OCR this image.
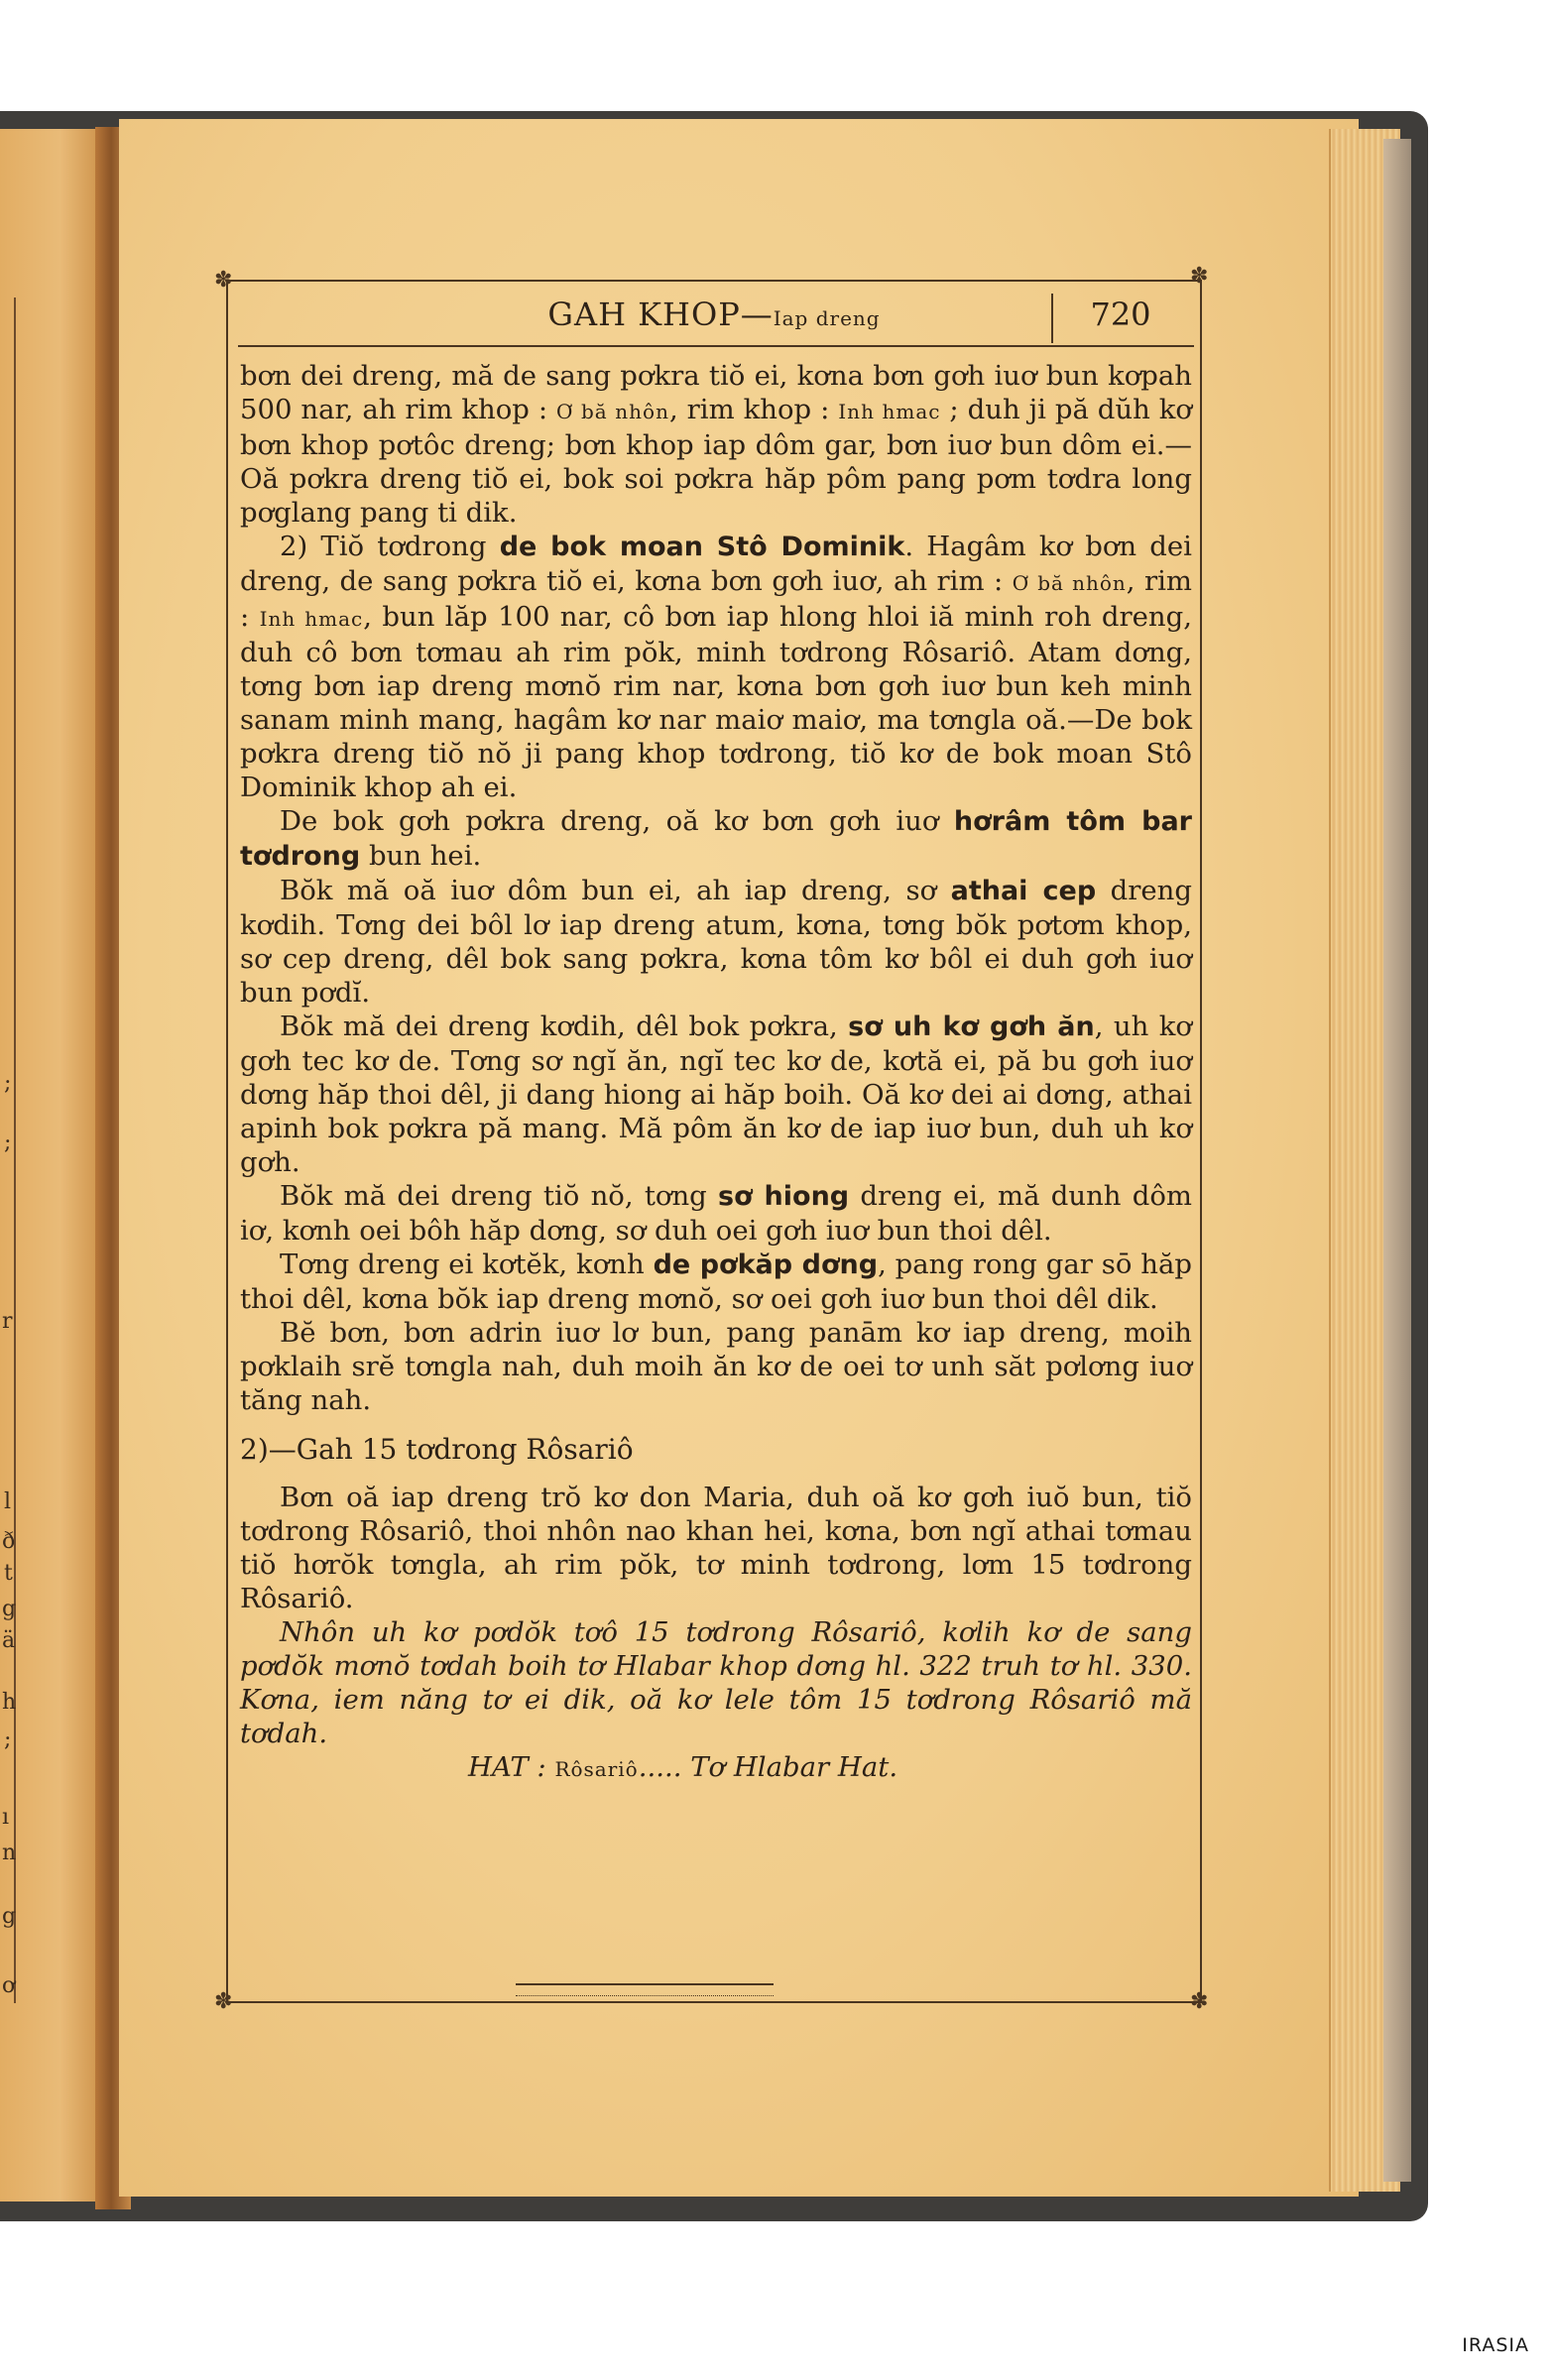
;
;
r
l
ð
t
g
ä
h
;
ı
n
g
ơ
✽	✽
✽	✽
GAH KHOP—Iap dreng	720

bơn dei dreng, mă de sang pơkra tiŏ ei, kơna bơn gơh iuơ bun kơpah 500 nar, ah rim khop : Ơ bă nhôn, rim khop : Inh hmac ; duh ji pă dŭh kơ bơn khop pơtôc dreng; bơn khop iap dôm gar, bơn iuơ bun dôm ei.—Oă pơkra dreng tiŏ ei, bok soi pơkra hăp pôm pang pơm tơdra long pơglang pang ti dik.

2) Tiŏ tơdrong de bok moan Stô Dominik. Hagâm kơ bơn dei dreng, de sang pơkra tiŏ ei, kơna bơn gơh iuơ, ah rim : Ơ bă nhôn, rim : Inh hmac, bun lăp 100 nar, cô bơn iap hlong hloi iă minh roh dreng, duh cô bơn tơmau ah rim pŏk, minh tơdrong Rôsariô. Atam dơng, tơng bơn iap dreng mơnŏ rim nar, kơna bơn gơh iuơ bun keh minh sanam minh mang, hagâm kơ nar maiơ maiơ, ma tơngla oă.—De bok pơkra dreng tiŏ nŏ ji pang khop tơdrong, tiŏ kơ de bok moan Stô Dominik khop ah ei.

De bok gơh pơkra dreng, oă kơ bơn gơh iuơ hơrâm tôm bar tơdrong bun hei.

Bŏk mă oă iuơ dôm bun ei, ah iap dreng, sơ athai cep dreng kơdih. Tơng dei bôl lơ iap dreng atum, kơna, tơng bŏk pơtơm khop, sơ cep dreng, dêl bok sang pơkra, kơna tôm kơ bôl ei duh gơh iuơ bun pơdĭ.

Bŏk mă dei dreng kơdih, dêl bok pơkra, sơ uh kơ gơh ăn, uh kơ gơh tec kơ de. Tơng sơ ngĭ ăn, ngĭ tec kơ de, kơtă ei, pă bu gơh iuơ dơng hăp thoi dêl, ji dang hiong ai hăp boih. Oă kơ dei ai dơng, athai apinh bok pơkra pă mang. Mă pôm ăn kơ de iap iuơ bun, duh uh kơ gơh.

Bŏk mă dei dreng tiŏ nŏ, tơng sơ hiong dreng ei, mă dunh dôm iơ, kơnh oei bôh hăp dơng, sơ duh oei gơh iuơ bun thoi dêl.

Tơng dreng ei kơtĕk, kơnh de pơkăp dơng, pang rong gar sō hăp thoi dêl, kơna bŏk iap dreng mơnŏ, sơ oei gơh iuơ bun thoi dêl dik.

Bĕ bơn, bơn adrin iuơ lơ bun, pang panām kơ iap dreng, moih pơklaih srĕ tơngla nah, duh moih ăn kơ de oei tơ unh săt pơlơng iuơ tăng nah.

2)—Gah 15 tơdrong Rôsariô

Bơn oă iap dreng trŏ kơ don Maria, duh oă kơ gơh iuŏ bun, tiŏ tơdrong Rôsariô, thoi nhôn nao khan hei, kơna, bơn ngĭ athai tơmau tiŏ hơrŏk tơngla, ah rim pŏk, tơ minh tơdrong, lơm 15 tơdrong Rôsariô.

Nhôn uh kơ pơdŏk tơô 15 tơdrong Rôsariô, kơlih kơ de sang pơdŏk mơnŏ tơdah boih tơ Hlabar khop dơng hl. 322 truh tơ hl. 330. Kơna, iem năng tơ ei dik, oă kơ lele tôm 15 tơdrong Rôsariô mă tơdah.

HAT : Rôsariô..... Tơ Hlabar Hat.

IRASIA
